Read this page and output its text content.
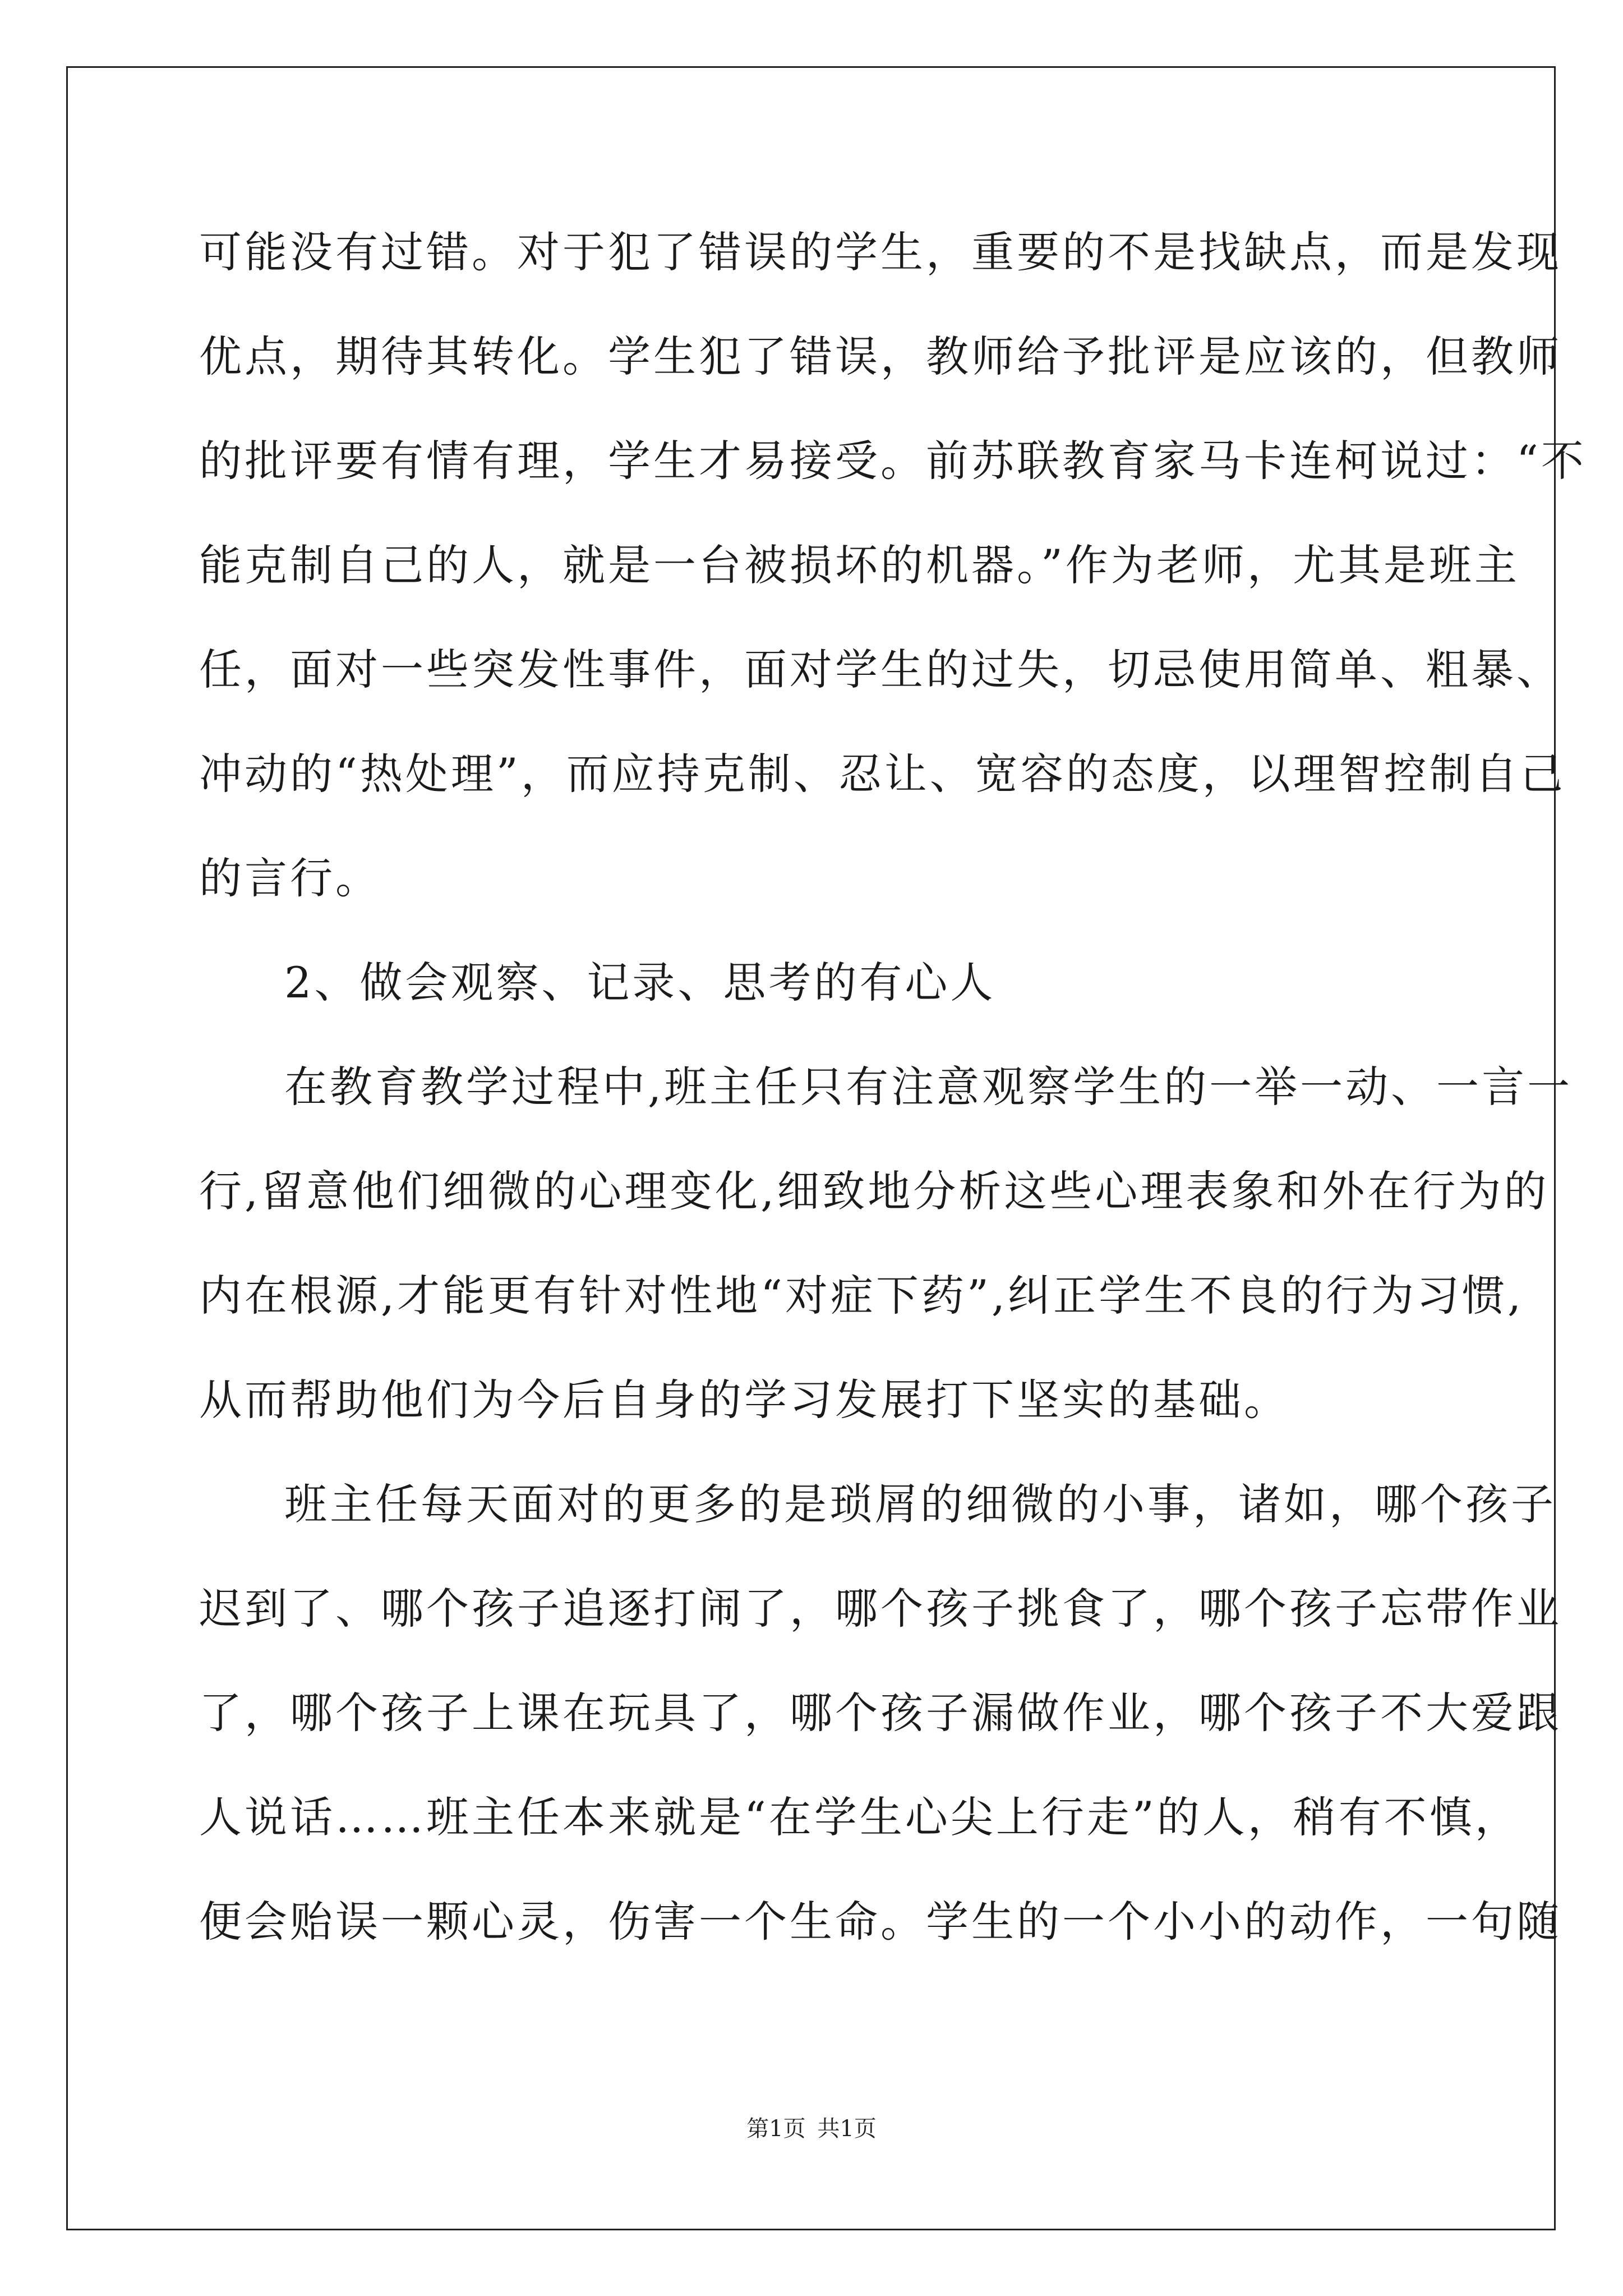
可能没有过错。对于犯了错误的学生，重要的不是找缺点，而是发现
优点，期待其转化。学生犯了错误，教师给予批评是应该的，但教师
的批评要有情有理，学生才易接受。前苏联教育家马卡连柯说过：“不
能克制自己的人，就是一台被损坏的机器。”作为老师，尤其是班主
任，面对一些突发性事件，面对学生的过失，切忌使用简单、粗暴、
冲动的“热处理”，而应持克制、忍让、宽容的态度，以理智控制自己
的言行。
2、做会观察、记录、思考的有心人
在教育教学过程中,班主任只有注意观察学生的一举一动、一言一
行,留意他们细微的心理变化,细致地分析这些心理表象和外在行为的
内在根源,才能更有针对性地“对症下药”,纠正学生不良的行为习惯,
从而帮助他们为今后自身的学习发展打下坚实的基础。
班主任每天面对的更多的是琐屑的细微的小事，诸如，哪个孩子
迟到了、哪个孩子追逐打闹了，哪个孩子挑食了，哪个孩子忘带作业
了，哪个孩子上课在玩具了，哪个孩子漏做作业，哪个孩子不大爱跟
人说话……班主任本来就是“在学生心尖上行走”的人，稍有不慎，
便会贻误一颗心灵，伤害一个生命。学生的一个小小的动作，一句随
第1页 共1页
